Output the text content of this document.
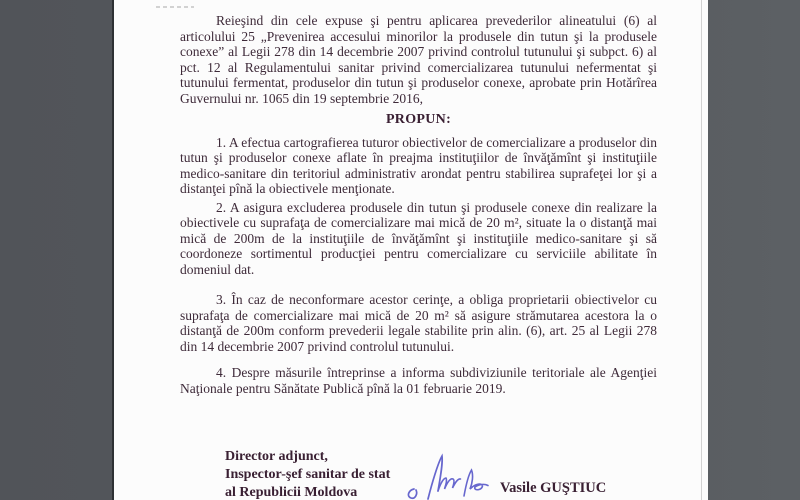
Reieşind din cele expuse şi pentru aplicarea prevederilor alineatului (6) al articolului 25 „Prevenirea accesului minorilor la produsele din tutun şi la produsele conexe” al Legii 278 din 14 decembrie 2007 privind controlul tutunului şi subpct. 6) al pct. 12 al Regulamentului sanitar privind comercializarea tutunului nefermentat şi tutunului fermentat, produselor din tutun şi produselor conexe, aprobate prin Hotărîrea Guvernului nr. 1065 din 19 septembrie 2016,

PROPUN:

1. A efectua cartografierea tuturor obiectivelor de comercializare a produselor din tutun şi produselor conexe aflate în preajma instituţiilor de învăţămînt şi instituţiile medico-sanitare din teritoriul administrativ arondat pentru stabilirea suprafeţei lor şi a distanţei pînă la obiectivele menţionate.

2. A asigura excluderea produsele din tutun şi produsele conexe din realizare la obiectivele cu suprafaţa de comercializare mai mică de 20 m², situate la o distanţă mai mică de 200m de la instituţiile de învăţămînt şi instituţiile medico-sanitare şi să coordoneze sortimentul producţiei pentru comercializare cu serviciile abilitate în domeniul dat.

3. În caz de neconformare acestor cerinţe, a obliga proprietarii obiectivelor cu suprafaţa de comercializare mai mică de 20 m² să asigure strămutarea acestora la o distanţă de 200m conform prevederii legale stabilite prin alin. (6), art. 25 al Legii 278 din 14 decembrie 2007 privind controlul tutunului.

4. Despre măsurile întreprinse a informa subdiviziunile teritoriale ale Agenţiei Naţionale pentru Sănătate Publică pînă la 01 februarie 2019.

Director adjunct,
Inspector-şef sanitar de stat
al Republicii Moldova	Vasile GUŞTIUC
